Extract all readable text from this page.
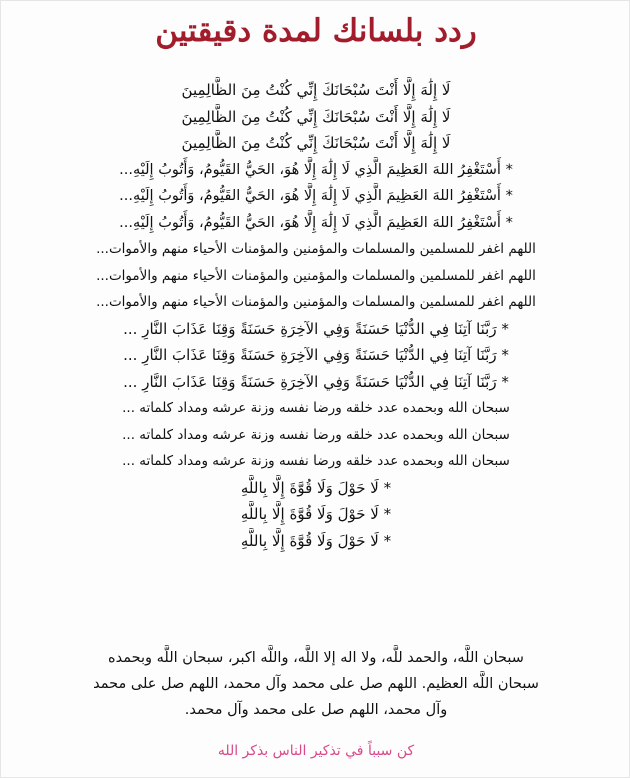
ردد بلسانك لمدة دقيقتين
لَا إِلَٰهَ إِلَّا أَنْتَ سُبْحَانَكَ إِنِّي كُنْتُ مِنَ الظَّالِمِينَ
لَا إِلَٰهَ إِلَّا أَنْتَ سُبْحَانَكَ إِنِّي كُنْتُ مِنَ الظَّالِمِينَ
لَا إِلَٰهَ إِلَّا أَنْتَ سُبْحَانَكَ إِنِّي كُنْتُ مِنَ الظَّالِمِينَ
* أَسْتَغْفِرُ اللهَ العَظِيمَ الَّذِي لَا إِلَٰهَ إِلَّا هُوَ، الحَيُّ القَيُّومُ، وَأَتُوبُ إِلَيْهِ...
* أَسْتَغْفِرُ اللهَ العَظِيمَ الَّذِي لَا إِلَٰهَ إِلَّا هُوَ، الحَيُّ القَيُّومُ، وَأَتُوبُ إِلَيْهِ...
* أَسْتَغْفِرُ اللهَ العَظِيمَ الَّذِي لَا إِلَٰهَ إِلَّا هُوَ، الحَيُّ القَيُّومُ، وَأَتُوبُ إِلَيْهِ...
اللهم اغفر للمسلمين والمسلمات والمؤمنين والمؤمنات الأحياء منهم والأموات...
اللهم اغفر للمسلمين والمسلمات والمؤمنين والمؤمنات الأحياء منهم والأموات...
اللهم اغفر للمسلمين والمسلمات والمؤمنين والمؤمنات الأحياء منهم والأموات...
* رَبَّنَا آتِنَا فِي الدُّنْيَا حَسَنَةً وَفِي الآخِرَةِ حَسَنَةً وَقِنَا عَذَابَ النَّارِ ...
* رَبَّنَا آتِنَا فِي الدُّنْيَا حَسَنَةً وَفِي الآخِرَةِ حَسَنَةً وَقِنَا عَذَابَ النَّارِ ...
* رَبَّنَا آتِنَا فِي الدُّنْيَا حَسَنَةً وَفِي الآخِرَةِ حَسَنَةً وَقِنَا عَذَابَ النَّارِ ...
سبحان الله وبحمده عدد خلقه ورضا نفسه وزنة عرشه ومداد كلماته ...
سبحان الله وبحمده عدد خلقه ورضا نفسه وزنة عرشه ومداد كلماته ...
سبحان الله وبحمده عدد خلقه ورضا نفسه وزنة عرشه ومداد كلماته ...
* لَا حَوْلَ وَلَا قُوَّةَ إِلَّا بِاللَّهِ
* لَا حَوْلَ وَلَا قُوَّةَ إِلَّا بِاللَّهِ
* لَا حَوْلَ وَلَا قُوَّةَ إِلَّا بِاللَّهِ

سبحان اللَّه، والحمد للَّه، ولا اله إلا اللَّه، واللَّه اكبر، سبحان اللَّه وبحمده
سبحان اللَّه العظيم. اللهم صل على محمد وآل محمد، اللهم صل على محمد
وآل محمد، اللهم صل على محمد وآل محمد.

كن سبباً في تذكير الناس بذكر الله
